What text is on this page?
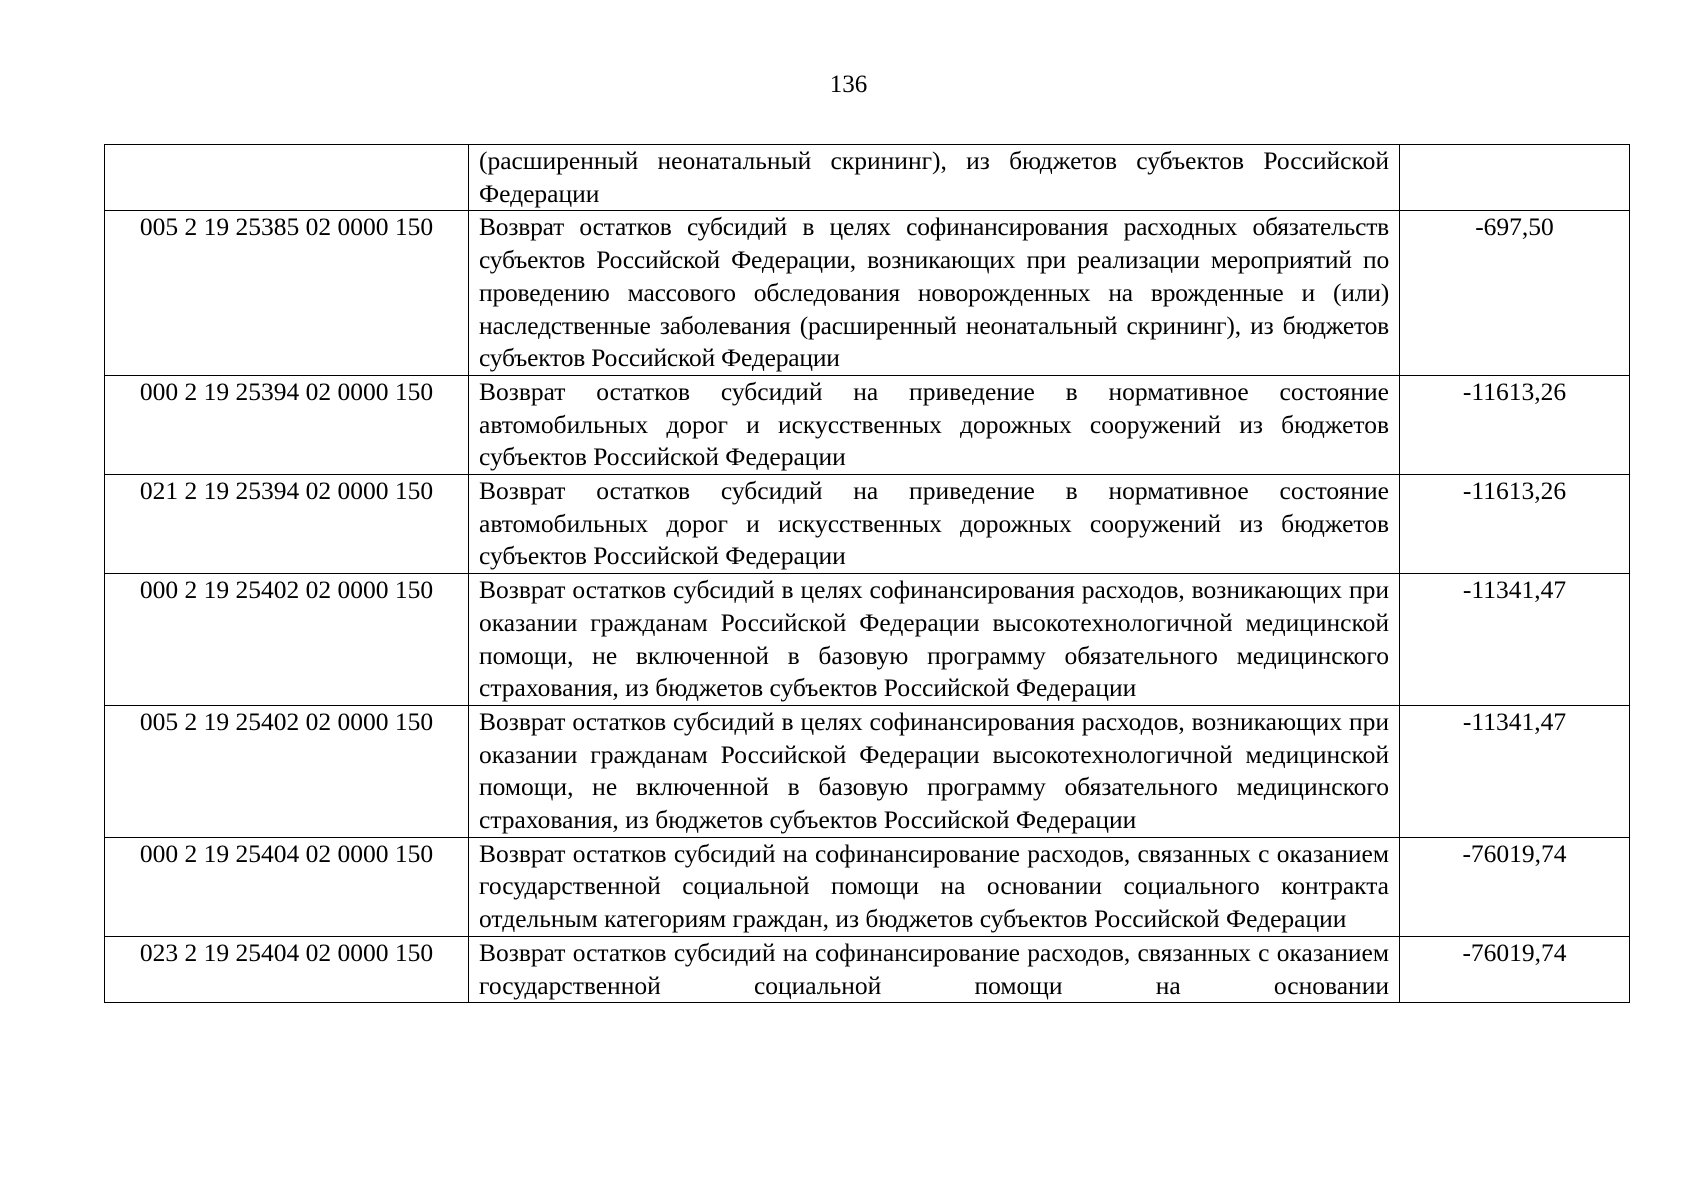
136
	(расширенный неонатальный скрининг), из бюджетов субъектов Российской Федерации	
005 2 19 25385 02 0000 150	Возврат остатков субсидий в целях софинансирования расходных обязательств субъектов Российской Федерации, возникающих при реализации мероприятий по проведению массового обследования новорожденных на врожденные и (или) наследственные заболевания (расширенный неонатальный скрининг), из бюджетов субъектов Российской Федерации	-697,50
000 2 19 25394 02 0000 150	Возврат остатков субсидий на приведение в нормативное состояние автомобильных дорог и искусственных дорожных сооружений из бюджетов субъектов Российской Федерации	-11613,26
021 2 19 25394 02 0000 150	Возврат остатков субсидий на приведение в нормативное состояние автомобильных дорог и искусственных дорожных сооружений из бюджетов субъектов Российской Федерации	-11613,26
000 2 19 25402 02 0000 150	Возврат остатков субсидий в целях софинансирования расходов, возникающих при оказании гражданам Российской Федерации высокотехнологичной медицинской помощи, не включенной в базовую программу обязательного медицинского страхования, из бюджетов субъектов Российской Федерации	-11341,47
005 2 19 25402 02 0000 150	Возврат остатков субсидий в целях софинансирования расходов, возникающих при оказании гражданам Российской Федерации высокотехнологичной медицинской помощи, не включенной в базовую программу обязательного медицинского страхования, из бюджетов субъектов Российской Федерации	-11341,47
000 2 19 25404 02 0000 150	Возврат остатков субсидий на софинансирование расходов, связанных с оказанием государственной социальной помощи на основании социального контракта отдельным категориям граждан, из бюджетов субъектов Российской Федерации	-76019,74
023 2 19 25404 02 0000 150	Возврат остатков субсидий на софинансирование расходов, связанных с оказанием государственной социальной помощи на основании	-76019,74
